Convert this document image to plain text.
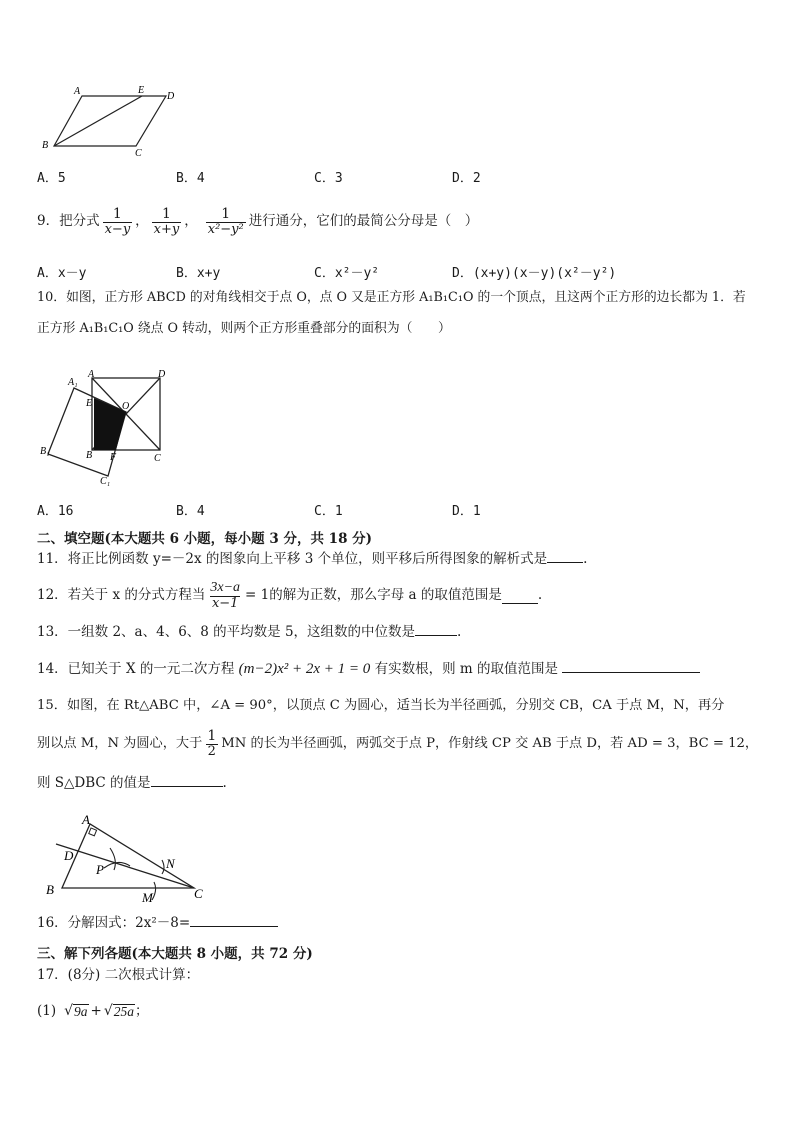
A	E
D
B
C
A．5	B．4	C．3	D．2
9．把分式 $\frac{1}{x-y}$ ， $\frac{1}{x+y}$ ， $\frac{1}{\text{x²−y²}}$ 进行通分，它们的最简公分母是（　）
A．x－y	B．x+y	C．x²－y²	D．(x+y)(x－y)(x²－y²)
10．如图，正方形 ABCD 的对角线相交于点 O，点 O 又是正方形 A₁B₁C₁O 的一个顶点，且这两个正方形的边长都为 1．若
正方形 A₁B₁C₁O 绕点 O 转动，则两个正方形重叠部分的面积为（　　）
A	D
A₁
E	O
B₁	B F	C
C₁
A．16	B．4	C．1	D．1
二、填空题(本大题共 6 小题，每小题 3 分，共 18 分)
11．将正比例函数 y=－2x 的图象向上平移 3 个单位，则平移后所得图象的解析式是	.
12．若关于 x 的分式方程当 $\frac{3x-a}{x-1} = 1$ 的解为正数，那么字母 a 的取值范围是	.
13．一组数 2、a、4、6、8 的平均数是 5，这组数的中位数是	.
14．已知关于 X 的一元二次方程 (m−2)x² + 2x + 1 = 0 有实数根，则 m 的取值范围是
15．如图，在 Rt△ABC 中，∠A = 90°，以顶点 C 为圆心，适当长为半径画弧，分别交 CB，CA 于点 M，N，再分
别以点 M，N 为圆心，大于 $\frac{1}{2}$ MN 的长为半径画弧，两弧交于点 P，作射线 CP 交 AB 于点 D，若 AD = 3，BC = 12，
则 S△DBC 的值是	.
A
D
P	N
B
M	C
16．分解因式：2x²－8=
三、解下列各题(本大题共 8 小题，共 72 分)
17．(8分) 二次根式计算：
(1) √ 9a + √ 25a ；
